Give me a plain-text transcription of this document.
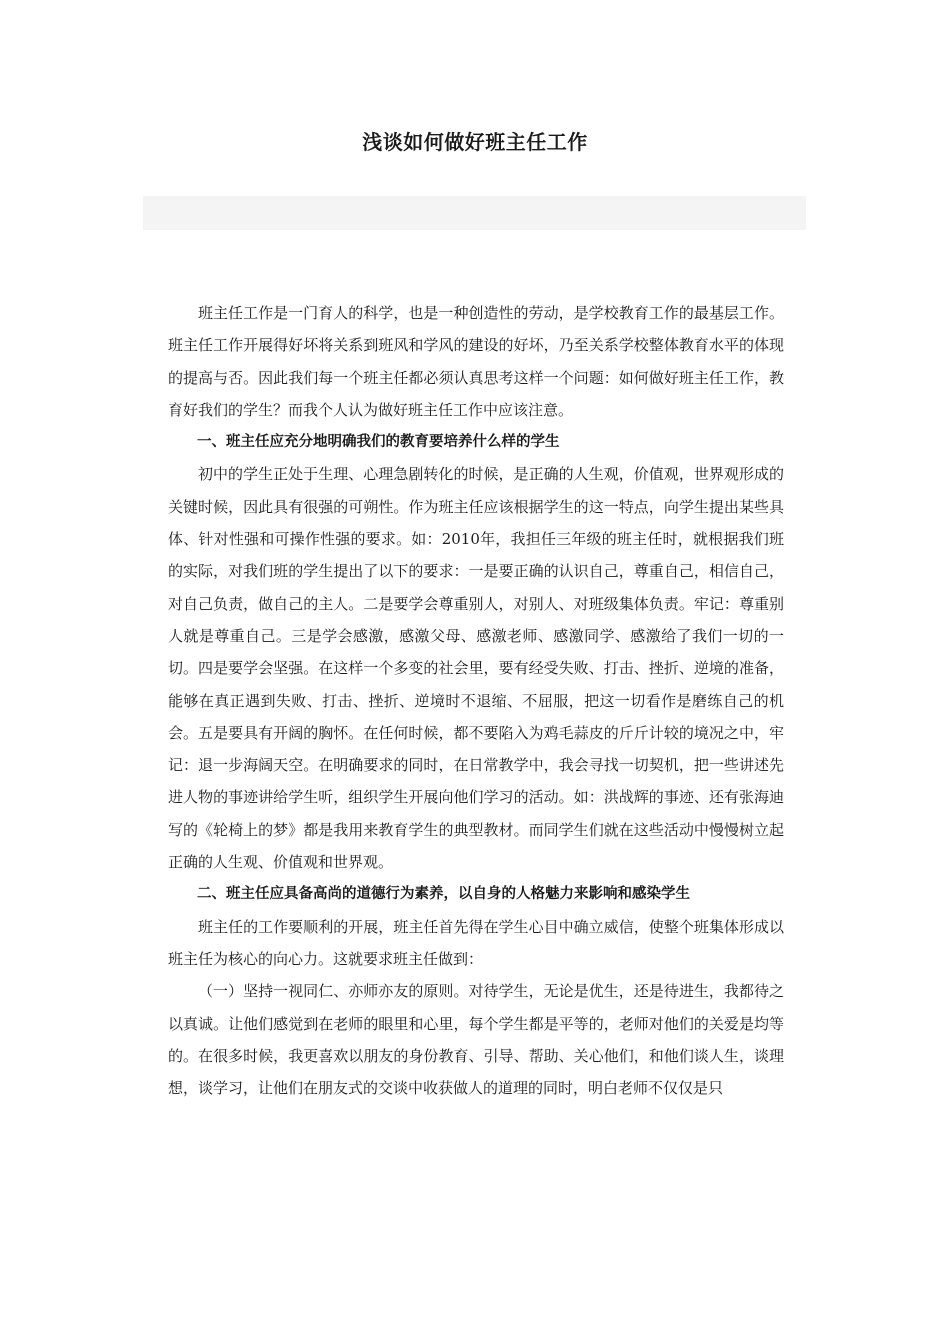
浅谈如何做好班主任工作

班主任工作是一门育人的科学，也是一种创造性的劳动，是学校教育工作的最基层工作。班主任工作开展得好坏将关系到班风和学风的建设的好坏，乃至关系学校整体教育水平的体现的提高与否。因此我们每一个班主任都必须认真思考这样一个问题：如何做好班主任工作，教育好我们的学生？而我个人认为做好班主任工作中应该注意。

一、班主任应充分地明确我们的教育要培养什么样的学生

初中的学生正处于生理、心理急剧转化的时候，是正确的人生观，价值观，世界观形成的关键时候，因此具有很强的可朔性。作为班主任应该根据学生的这一特点，向学生提出某些具体、针对性强和可操作性强的要求。如：2010年，我担任三年级的班主任时，就根据我们班的实际，对我们班的学生提出了以下的要求：一是要正确的认识自己，尊重自己，相信自己，对自己负责，做自己的主人。二是要学会尊重别人，对别人、对班级集体负责。牢记：尊重别人就是尊重自己。三是学会感激，感激父母、感激老师、感激同学、感激给了我们一切的一切。四是要学会坚强。在这样一个多变的社会里，要有经受失败、打击、挫折、逆境的准备，能够在真正遇到失败、打击、挫折、逆境时不退缩、不屈服，把这一切看作是磨练自己的机会。五是要具有开阔的胸怀。在任何时候，都不要陷入为鸡毛蒜皮的斤斤计较的境况之中，牢记：退一步海阔天空。在明确要求的同时，在日常教学中，我会寻找一切契机，把一些讲述先进人物的事迹讲给学生听，组织学生开展向他们学习的活动。如：洪战辉的事迹、还有张海迪写的《轮椅上的梦》都是我用来教育学生的典型教材。而同学生们就在这些活动中慢慢树立起正确的人生观、价值观和世界观。

二、班主任应具备高尚的道德行为素养，以自身的人格魅力来影响和感染学生

班主任的工作要顺利的开展，班主任首先得在学生心目中确立威信，使整个班集体形成以班主任为核心的向心力。这就要求班主任做到：

（一）坚持一视同仁、亦师亦友的原则。对待学生，无论是优生，还是待进生，我都待之以真诚。让他们感觉到在老师的眼里和心里，每个学生都是平等的，老师对他们的关爱是均等的。在很多时候，我更喜欢以朋友的身份教育、引导、帮助、关心他们，和他们谈人生，谈理想，谈学习，让他们在朋友式的交谈中收获做人的道理的同时，明白老师不仅仅是只
